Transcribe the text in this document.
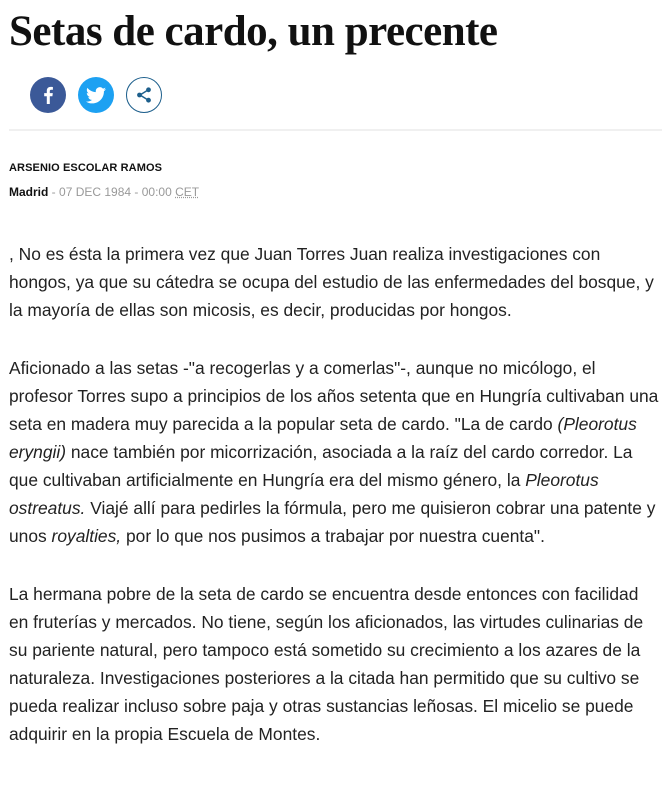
Setas de cardo, un precente
ARSENIO ESCOLAR RAMOS
Madrid - 07 DEC 1984 - 00:00 CET

, No es ésta la primera vez que Juan Torres Juan realiza investigaciones con hongos, ya que su cátedra se ocupa del estudio de las enfermedades del bosque, y la mayoría de ellas son micosis, es decir, producidas por hongos.

Aficionado a las setas -"a recogerlas y a comerlas"-, aunque no micólogo, el profesor Torres supo a principios de los años setenta que en Hungría cultivaban una seta en madera muy parecida a la popular seta de cardo. "La de cardo (Pleorotus eryngii) nace también por micorrización, asociada a la raíz del cardo corredor. La que cultivaban artificialmente en Hungría era del mismo género, la Pleorotus ostreatus. Viajé allí para pedirles la fórmula, pero me quisieron cobrar una patente y unos royalties, por lo que nos pusimos a trabajar por nuestra cuenta".

La hermana pobre de la seta de cardo se encuentra desde entonces con facilidad en fruterías y mercados. No tiene, según los aficionados, las virtudes culinarias de su pariente natural, pero tampoco está sometido su crecimiento a los azares de la naturaleza. Investigaciones posteriores a la citada han permitido que su cultivo se pueda realizar incluso sobre paja y otras sustancias leñosas. El micelio se puede adquirir en la propia Escuela de Montes.
